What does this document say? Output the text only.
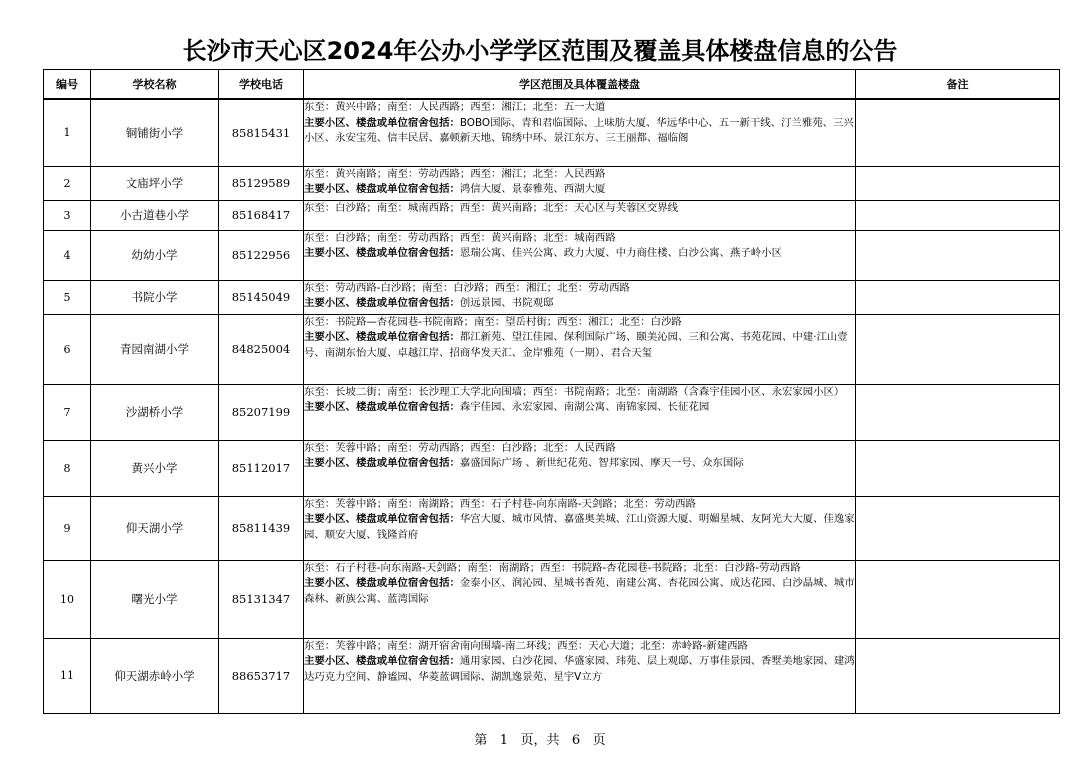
长沙市天心区2024年公办小学学区范围及覆盖具体楼盘信息的公告
编号	学校名称	学校电话	学区范围及具体覆盖楼盘	备注
1	铜铺街小学	85815431	东至：黄兴中路；南至：人民西路；西至：湘江；北至：五一大道
主要小区、楼盘或单位宿舍包括：BOBO国际、青和君临国际、上味肪大厦、华远华中心、五一新干线、汀兰雅苑、三兴小区、永安宝苑、信丰民居、嘉顿新天地、锦绣中环、景江东方、三王丽都、福临阁	

2	文庙坪小学	85129589	东至：黄兴南路；南至：劳动西路；西至：湘江；北至：人民西路
主要小区、楼盘或单位宿舍包括：鸿信大厦、景泰雅苑、西湖大厦	

3	小古道巷小学	85168417	东至：白沙路；南至：城南西路；西至：黄兴南路；北至：天心区与芙蓉区交界线	

4	幼幼小学	85122956	东至：白沙路；南至：劳动西路；西至：黄兴南路；北至：城南西路
主要小区、楼盘或单位宿舍包括：恩瑞公寓、佳兴公寓、政力大厦、中力商住楼、白沙公寓、燕子岭小区	

5	书院小学	85145049	东至：劳动西路-白沙路；南至：白沙路；西至：湘江；北至：劳动西路
主要小区、楼盘或单位宿舍包括：创远景园、书院观邸	

6	青园南湖小学	84825004	东至：书院路—杏花园巷-书院南路；南至：望岳村街；西至：湘江；北至：白沙路
主要小区、楼盘或单位宿舍包括：都江新苑、望江佳园、保利国际广场、颐美沁园、三和公寓、书苑花园、中建·江山壹号、南湖东怡大厦、卓越江岸、招商华发天汇、金岸雅苑（一期）、君合天玺	

7	沙湖桥小学	85207199	东至：长坡二街；南至：长沙理工大学北向围墙；西至：书院南路；北至：南湖路（含森宇佳园小区、永宏家园小区）
主要小区、楼盘或单位宿舍包括：森宇佳园、永宏家园、南湖公寓、南锦家园、长征花园	

8	黄兴小学	85112017	东至：芙蓉中路；南至：劳动西路；西至：白沙路；北至：人民西路
主要小区、楼盘或单位宿舍包括：嘉盛国际广场 、新世纪花苑、智邦家园、摩天一号、众东国际	

9	仰天湖小学	85811439	东至：芙蓉中路；南至：南湖路；西至：石子村巷-向东南路-天剑路；北至：劳动西路
主要小区、楼盘或单位宿舍包括：华宫大厦、城市风情、嘉盛奥美城、江山资源大厦、明媚星城、友阿光大大厦、佳逸家园、顺安大厦、钱隆首府	

10	曙光小学	85131347	东至：石子村巷-向东南路-天剑路；南至：南湖路；西至：书院路-杏花园巷-书院路；北至：白沙路-劳动西路
主要小区、楼盘或单位宿舍包括：金泰小区、润沁园、星城书香苑、南建公寓、杏花园公寓、成达花园、白沙晶城、城市森林、新族公寓、蓝湾国际	

11	仰天湖赤岭小学	88653717	东至：芙蓉中路；南至：湖开宿舍南向围墙-南二环线；西至：天心大道；北至：赤岭路-新建西路
主要小区、楼盘或单位宿舍包括：通用家园、白沙花园、华盛家园、玮苑、层上观邸、万事佳景园、香墅美地家园、建鸿达巧克力空间、静谧园、华菱蓝调国际、湖凯逸景苑、星宇V立方	

第 1 页，共 6 页
